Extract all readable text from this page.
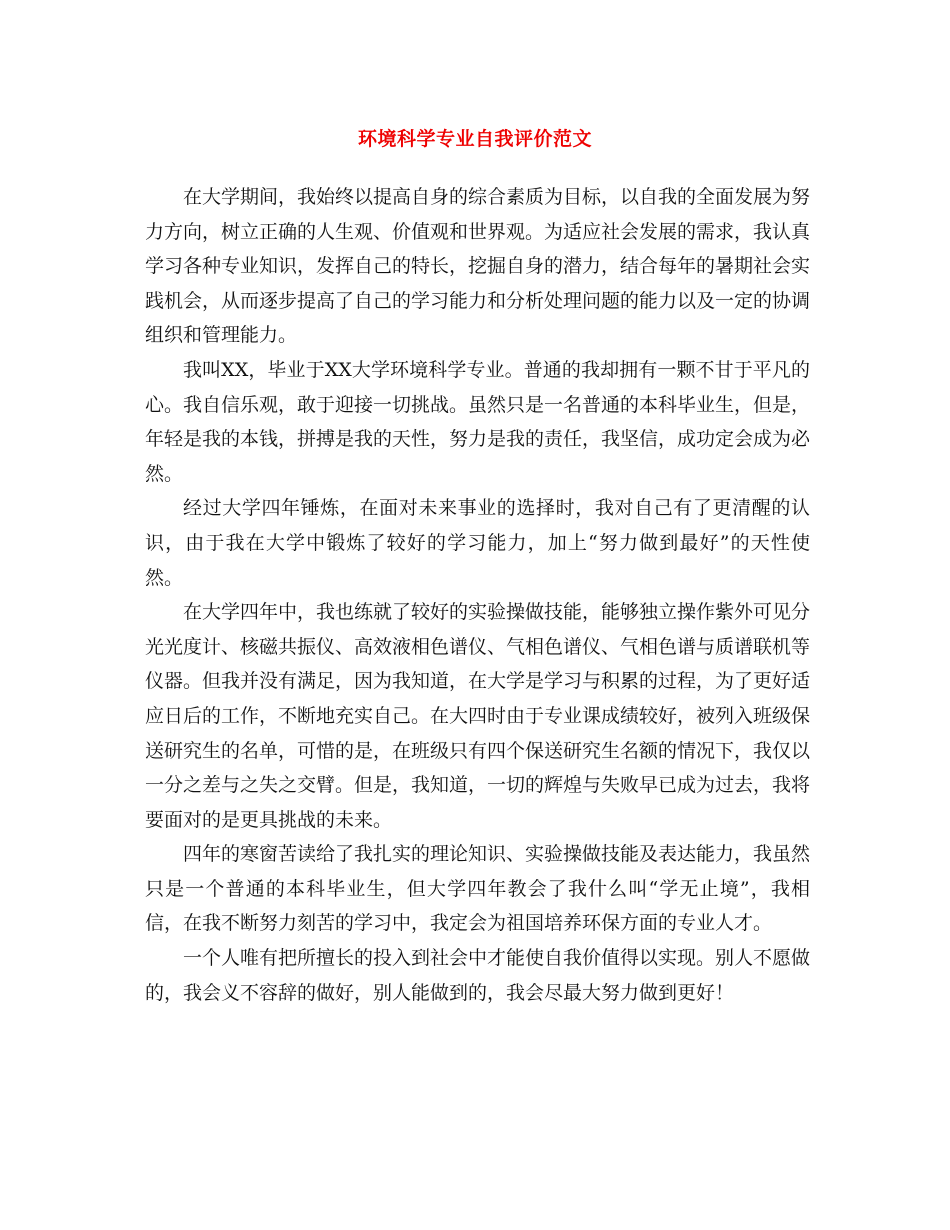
环境科学专业自我评价范文

在大学期间，我始终以提高自身的综合素质为目标，以自我的全面发展为努力方向，树立正确的人生观、价值观和世界观。为适应社会发展的需求，我认真学习各种专业知识，发挥自己的特长，挖掘自身的潜力，结合每年的暑期社会实践机会，从而逐步提高了自己的学习能力和分析处理问题的能力以及一定的协调组织和管理能力。

我叫XX，毕业于XX大学环境科学专业。普通的我却拥有一颗不甘于平凡的心。我自信乐观，敢于迎接一切挑战。虽然只是一名普通的本科毕业生，但是，年轻是我的本钱，拼搏是我的天性，努力是我的责任，我坚信，成功定会成为必然。

经过大学四年锤炼，在面对未来事业的选择时，我对自己有了更清醒的认识，由于我在大学中锻炼了较好的学习能力，加上“努力做到最好”的天性使然。

在大学四年中，我也练就了较好的实验操做技能，能够独立操作紫外可见分光光度计、核磁共振仪、高效液相色谱仪、气相色谱仪、气相色谱与质谱联机等仪器。但我并没有满足，因为我知道，在大学是学习与积累的过程，为了更好适应日后的工作，不断地充实自己。在大四时由于专业课成绩较好，被列入班级保送研究生的名单，可惜的是，在班级只有四个保送研究生名额的情况下，我仅以一分之差与之失之交臂。但是，我知道，一切的辉煌与失败早已成为过去，我将要面对的是更具挑战的未来。

四年的寒窗苦读给了我扎实的理论知识、实验操做技能及表达能力，我虽然只是一个普通的本科毕业生，但大学四年教会了我什么叫“学无止境”，我相信，在我不断努力刻苦的学习中，我定会为祖国培养环保方面的专业人才。

一个人唯有把所擅长的投入到社会中才能使自我价值得以实现。别人不愿做的，我会义不容辞的做好，别人能做到的，我会尽最大努力做到更好！
